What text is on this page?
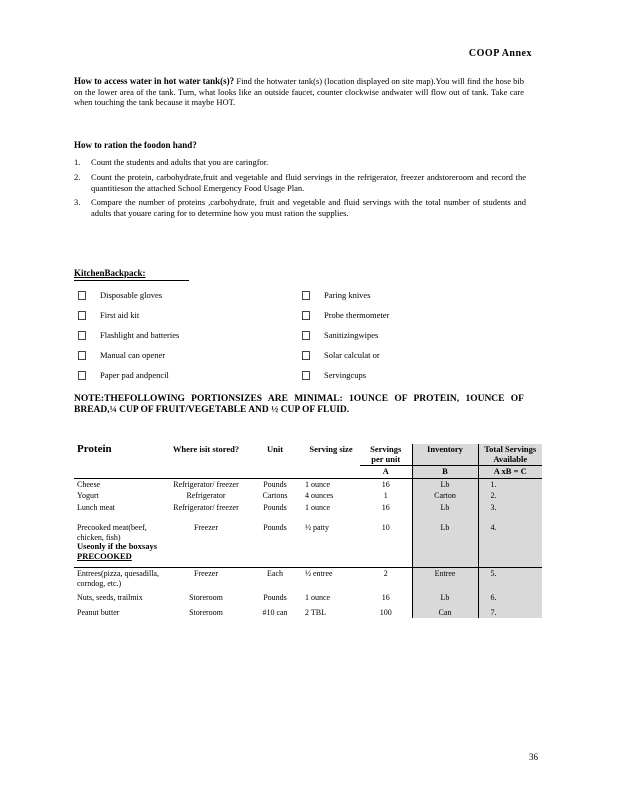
COOP Annex
How to access water in hot water tank(s)? Find the hotwater tank(s) (location displayed on site map).You will find the hose bib on the lower area of the tank. Turn, what looks like an outside faucet, counter clockwise andwater will flow out of tank. Take care when touching the tank because it maybe HOT.
How to ration the foodon hand?
1.	Count the students and adults that you are caringfor.
2.	Count the protein, carbohydrate,fruit and vegetable and fluid servings in the refrigerator, freezer andstoreroom and record the quantitieson the attached School Emergency Food Usage Plan.
3.	Compare the number of proteins ,carbohydrate, fruit and vegetable and fluid servings with the total number of students and adults that youare caring for to determine how you must ration the supplies.
KitchenBackpack:
Disposable gloves
First aid kit
Flashlight and batteries
Manual can opener
Paper pad andpencil
Paring knives
Probe thermometer
Sanitizingwipes
Solar calculat or
Servingcups
NOTE:THEFOLLOWING PORTIONSIZES ARE MINIMAL: 1OUNCE OF PROTEIN, 1OUNCE OF BREAD,¼ CUP OF FRUIT/VEGETABLE AND ½ CUP OF FLUID.
Protein	Where isit stored?	Unit	Serving size	Servings per unit	Inventory	Total Servings Available
				A	B	A xB = C
Cheese	Refrigerator/ freezer	Pounds	1 ounce	16	Lb	1.
Yogurt	Refrigerator	Cartons	4 ounces	1	Carton	2.
Lunch meat	Refrigerator/ freezer	Pounds	1 ounce	16	Lb	3.

Precooked meat(beef, chicken, fish)
Useonly if the boxsays
PRECOOKED	Freezer	Pounds	½ patty	10	Lb	4.
Entrees(pizza, quesadilla, corndog, etc.)	Freezer	Each	½ entree	2	Entree	5.
Nuts, seeds, trailmix	Storeroom	Pounds	1 ounce	16	Lb	6.
Peanut butter	Storeroom	#10 can	2 TBL	100	Can	7.
36
